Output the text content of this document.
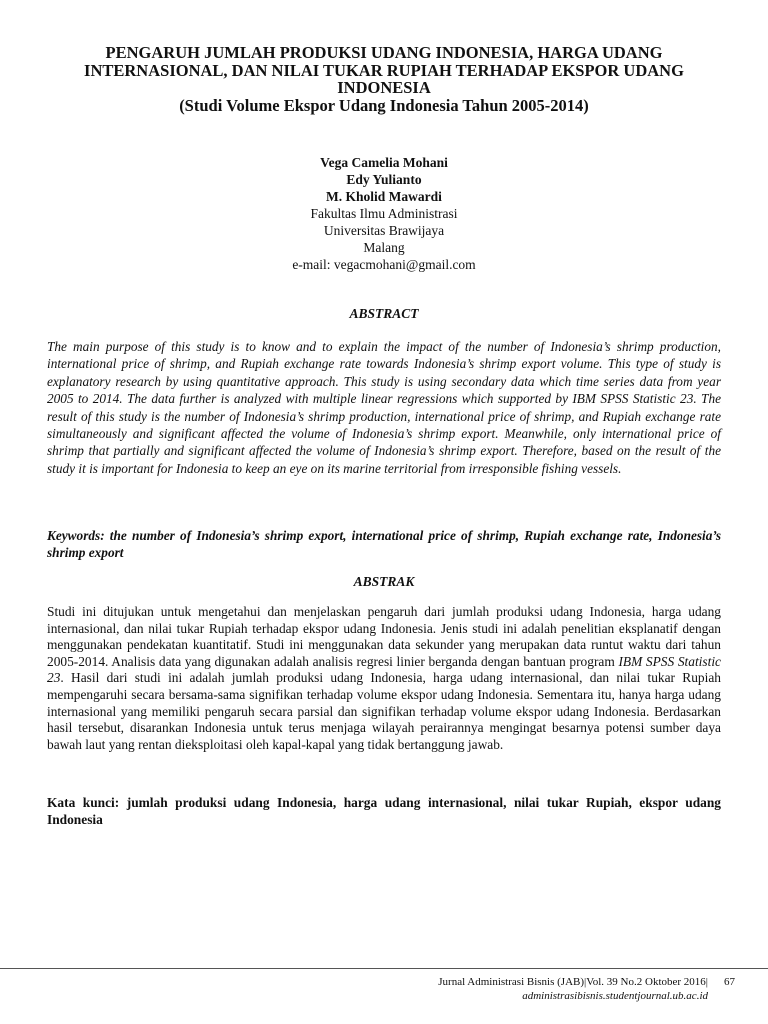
PENGARUH JUMLAH PRODUKSI UDANG INDONESIA, HARGA UDANG
INTERNASIONAL, DAN NILAI TUKAR RUPIAH TERHADAP EKSPOR UDANG
INDONESIA
(Studi Volume Ekspor Udang Indonesia Tahun 2005-2014)
Vega Camelia Mohani
Edy Yulianto
M. Kholid Mawardi
Fakultas Ilmu Administrasi
Universitas Brawijaya
Malang
e-mail: vegacmohani@gmail.com
ABSTRACT
The main purpose of this study is to know and to explain the impact of the number of Indonesia’s shrimp production, international price of shrimp, and Rupiah exchange rate towards Indonesia’s shrimp export volume. This type of study is explanatory research by using quantitative approach. This study is using secondary data which time series data from year 2005 to 2014. The data further is analyzed with multiple linear regressions which supported by IBM SPSS Statistic 23. The result of this study is the number of Indonesia’s shrimp production, international price of shrimp, and Rupiah exchange rate simultaneously and significant affected the volume of Indonesia’s shrimp export. Meanwhile, only international price of shrimp that partially and significant affected the volume of Indonesia’s shrimp export. Therefore, based on the result of the study it is important for Indonesia to keep an eye on its marine territorial from irresponsible fishing vessels.
Keywords: the number of Indonesia’s shrimp export, international price of shrimp, Rupiah exchange rate, Indonesia’s shrimp export
ABSTRAK
Studi ini ditujukan untuk mengetahui dan menjelaskan pengaruh dari jumlah produksi udang Indonesia, harga udang internasional, dan nilai tukar Rupiah terhadap ekspor udang Indonesia. Jenis studi ini adalah penelitian eksplanatif dengan menggunakan pendekatan kuantitatif. Studi ini menggunakan data sekunder yang merupakan data runtut waktu dari tahun 2005-2014. Analisis data yang digunakan adalah analisis regresi linier berganda dengan bantuan program IBM SPSS Statistic 23. Hasil dari studi ini adalah jumlah produksi udang Indonesia, harga udang internasional, dan nilai tukar Rupiah mempengaruhi secara bersama-sama signifikan terhadap volume ekspor udang Indonesia. Sementara itu, hanya harga udang internasional yang memiliki pengaruh secara parsial dan signifikan terhadap volume ekspor udang Indonesia. Berdasarkan hasil tersebut, disarankan Indonesia untuk terus menjaga wilayah perairannya mengingat besarnya potensi sumber daya bawah laut yang rentan dieksploitasi oleh kapal-kapal yang tidak bertanggung jawab.
Kata kunci: jumlah produksi udang Indonesia, harga udang internasional, nilai tukar Rupiah, ekspor udang Indonesia
Jurnal Administrasi Bisnis (JAB)|Vol. 39 No.2 Oktober 2016|
administrasibisnis.studentjournal.ub.ac.id
67
